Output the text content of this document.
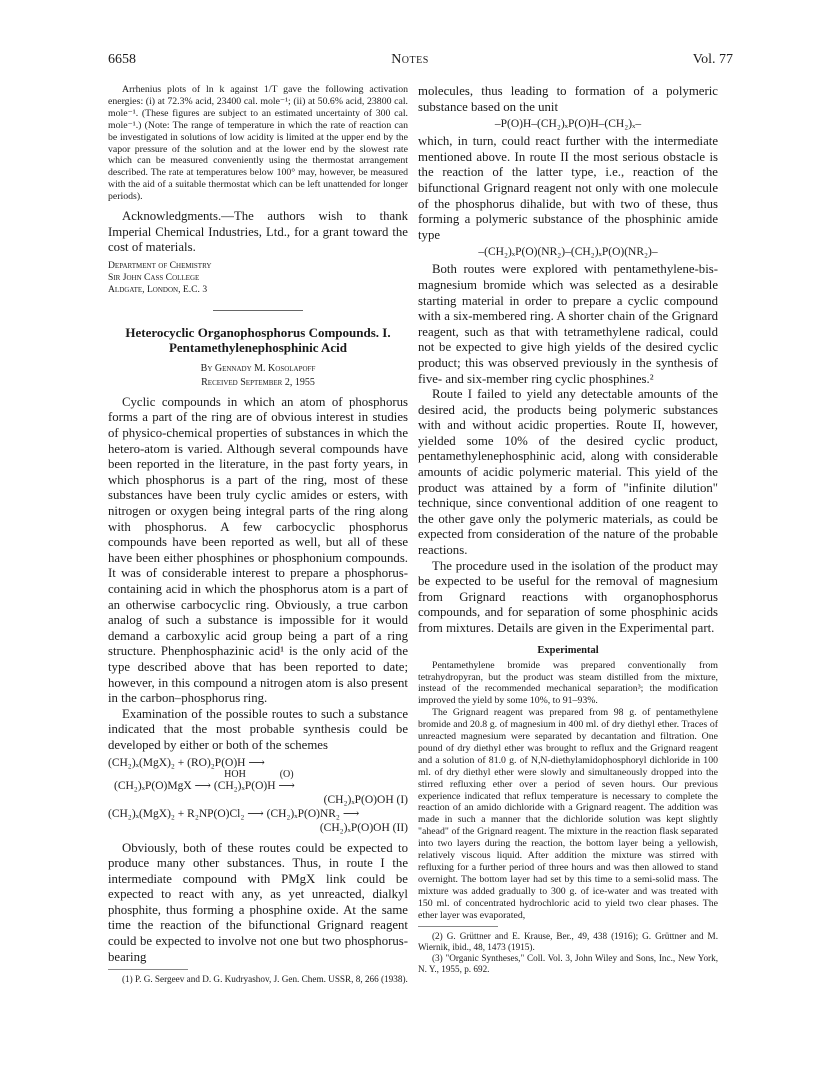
6658	Notes	Vol. 77

Arrhenius plots of ln k against 1/T gave the following activation energies: (i) at 72.3% acid, 23400 cal. mole⁻¹; (ii) at 50.6% acid, 23800 cal. mole⁻¹. (These figures are subject to an estimated uncertainty of 300 cal. mole⁻¹.) (Note: The range of temperature in which the rate of reaction can be investigated in solutions of low acidity is limited at the upper end by the vapor pressure of the solution and at the lower end by the slowest rate which can be measured conveniently using the thermostat arrangement described. The rate at temperatures below 100° may, however, be measured with the aid of a suitable thermostat which can be left unattended for longer periods).

Acknowledgments.—The authors wish to thank Imperial Chemical Industries, Ltd., for a grant toward the cost of materials.

Department of Chemistry
Sir John Cass College
Aldgate, London, E.C. 3
Heterocyclic Organophosphorus Compounds. I.
Pentamethylenephosphinic Acid
By Gennady M. Kosolapoff
Received September 2, 1955

Cyclic compounds in which an atom of phosphorus forms a part of the ring are of obvious interest in studies of physico-chemical properties of substances in which the hetero-atom is varied. Although several compounds have been reported in the literature, in the past forty years, in which phosphorus is a part of the ring, most of these substances have been truly cyclic amides or esters, with nitrogen or oxygen being integral parts of the ring along with phosphorus. A few carbocyclic phosphorus compounds have been reported as well, but all of these have been either phosphines or phosphonium compounds. It was of considerable interest to prepare a phosphorus-containing acid in which the phosphorus atom is a part of an otherwise carbocyclic ring. Obviously, a true carbon analog of such a substance is impossible for it would demand a carboxylic acid group being a part of a ring structure. Phenphosphazinic acid¹ is the only acid of the type described above that has been reported to date; however, in this compound a nitrogen atom is also present in the carbon–phosphorus ring.

Examination of the possible routes to such a substance indicated that the most probable synthesis could be developed by either or both of the schemes

(CH₂)ₓ(MgX)₂ + (RO)₂P(O)H ⟶
(CH₂)ₓP(O)MgX
HOH
⟶ (CH₂)ₓP(O)H
(O)
⟶
(CH₂)ₓP(O)OH (I)
(CH₂)ₓ(MgX)₂ + R₂NP(O)Cl₂ ⟶ (CH₂)ₓP(O)NR₂ ⟶
(CH₂)ₓP(O)OH (II)

Obviously, both of these routes could be expected to produce many other substances. Thus, in route I the intermediate compound with PMgX link could be expected to react with any, as yet unreacted, dialkyl phosphite, thus forming a phosphine oxide. At the same time the reaction of the bifunctional Grignard reagent could be expected to involve not one but two phosphorus-bearing

(1) P. G. Sergeev and D. G. Kudryashov, J. Gen. Chem. USSR, 8, 266 (1938).

molecules, thus leading to formation of a polymeric substance based on the unit

–P(O)H–(CH₂)ₓP(O)H–(CH₂)ₓ–

which, in turn, could react further with the intermediate mentioned above. In route II the most serious obstacle is the reaction of the latter type, i.e., reaction of the bifunctional Grignard reagent not only with one molecule of the phosphorus dihalide, but with two of these, thus forming a polymeric substance of the phosphinic amide type

–(CH₂)ₓP(O)(NR₂)–(CH₂)ₓP(O)(NR₂)–

Both routes were explored with pentamethylene-bis-magnesium bromide which was selected as a desirable starting material in order to prepare a cyclic compound with a six-membered ring. A shorter chain of the Grignard reagent, such as that with tetramethylene radical, could not be expected to give high yields of the desired cyclic product; this was observed previously in the synthesis of five- and six-member ring cyclic phosphines.²

Route I failed to yield any detectable amounts of the desired acid, the products being polymeric substances with and without acidic properties. Route II, however, yielded some 10% of the desired cyclic product, pentamethylenephosphinic acid, along with considerable amounts of acidic polymeric material. This yield of the product was attained by a form of "infinite dilution" technique, since conventional addition of one reagent to the other gave only the polymeric materials, as could be expected from consideration of the nature of the probable reactions.

The procedure used in the isolation of the product may be expected to be useful for the removal of magnesium from Grignard reactions with organophosphorus compounds, and for separation of some phosphinic acids from mixtures. Details are given in the Experimental part.

Experimental

Pentamethylene bromide was prepared conventionally from tetrahydropyran, but the product was steam distilled from the mixture, instead of the recommended mechanical separation³; the modification improved the yield by some 10%, to 91–93%.

The Grignard reagent was prepared from 98 g. of pentamethylene bromide and 20.8 g. of magnesium in 400 ml. of dry diethyl ether. Traces of unreacted magnesium were separated by decantation and filtration. One pound of dry diethyl ether was brought to reflux and the Grignard reagent and a solution of 81.0 g. of N,N-diethylamidophosphoryl dichloride in 100 ml. of dry diethyl ether were slowly and simultaneously dropped into the stirred refluxing ether over a period of seven hours. Our previous experience indicated that reflux temperature is necessary to complete the reaction of an amido dichloride with a Grignard reagent. The addition was made in such a manner that the dichloride solution was kept slightly "ahead" of the Grignard reagent. The mixture in the reaction flask separated into two layers during the reaction, the bottom layer being a yellowish, relatively viscous liquid. After addition the mixture was stirred with refluxing for a further period of three hours and was then allowed to stand overnight. The bottom layer had set by this time to a semi-solid mass. The mixture was added gradually to 300 g. of ice-water and was treated with 150 ml. of concentrated hydrochloric acid to yield two clear phases. The ether layer was evaporated,

(2) G. Grüttner and E. Krause, Ber., 49, 438 (1916); G. Grüttner and M. Wiernik, ibid., 48, 1473 (1915).

(3) "Organic Syntheses," Coll. Vol. 3, John Wiley and Sons, Inc., New York, N. Y., 1955, p. 692.
